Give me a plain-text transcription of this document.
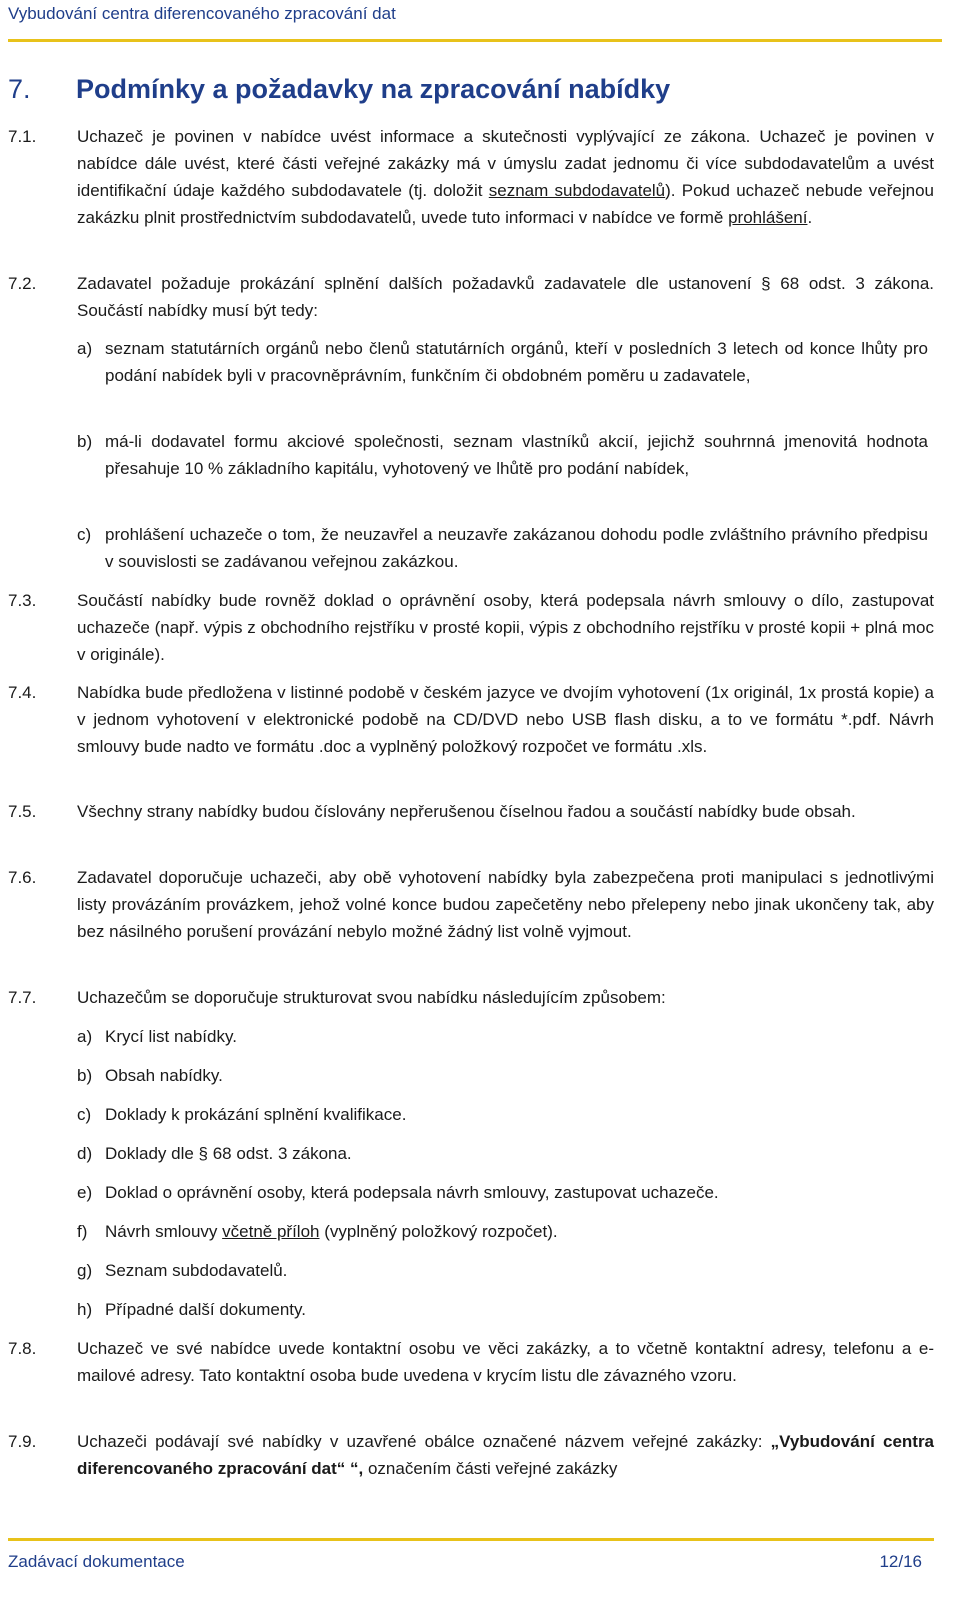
Vybudování centra diferencovaného zpracování dat
7. Podmínky a požadavky na zpracování nabídky
7.1. Uchazeč je povinen v nabídce uvést informace a skutečnosti vyplývající ze zákona. Uchazeč je povinen v nabídce dále uvést, které části veřejné zakázky má v úmyslu zadat jednomu či více subdodavatelům a uvést identifikační údaje každého subdodavatele (tj. doložit seznam subdodavatelů). Pokud uchazeč nebude veřejnou zakázku plnit prostřednictvím subdodavatelů, uvede tuto informaci v nabídce ve formě prohlášení.
7.2. Zadavatel požaduje prokázání splnění dalších požadavků zadavatele dle ustanovení § 68 odst. 3 zákona. Součástí nabídky musí být tedy:
a) seznam statutárních orgánů nebo členů statutárních orgánů, kteří v posledních 3 letech od konce lhůty pro podání nabídek byli v pracovněprávním, funkčním či obdobném poměru u zadavatele,
b) má-li dodavatel formu akciové společnosti, seznam vlastníků akcií, jejichž souhrnná jmenovitá hodnota přesahuje 10 % základního kapitálu, vyhotovený ve lhůtě pro podání nabídek,
c) prohlášení uchazeče o tom, že neuzavřel a neuzavře zakázanou dohodu podle zvláštního právního předpisu v souvislosti se zadávanou veřejnou zakázkou.
7.3. Součástí nabídky bude rovněž doklad o oprávnění osoby, která podepsala návrh smlouvy o dílo, zastupovat uchazeče (např. výpis z obchodního rejstříku v prosté kopii, výpis z obchodního rejstříku v prosté kopii + plná moc v originále).
7.4. Nabídka bude předložena v listinné podobě v českém jazyce ve dvojím vyhotovení (1x originál, 1x prostá kopie) a v jednom vyhotovení v elektronické podobě na CD/DVD nebo USB flash disku, a to ve formátu *.pdf. Návrh smlouvy bude nadto ve formátu .doc a vyplněný položkový rozpočet ve formátu .xls.
7.5. Všechny strany nabídky budou číslovány nepřerušenou číselnou řadou a součástí nabídky bude obsah.
7.6. Zadavatel doporučuje uchazeči, aby obě vyhotovení nabídky byla zabezpečena proti manipulaci s jednotlivými listy provázáním provázkem, jehož volné konce budou zapečetěny nebo přelepeny nebo jinak ukončeny tak, aby bez násilného porušení provázání nebylo možné žádný list volně vyjmout.
7.7. Uchazečům se doporučuje strukturovat svou nabídku následujícím způsobem:
a) Krycí list nabídky.
b) Obsah nabídky.
c) Doklady k prokázání splnění kvalifikace.
d) Doklady dle § 68 odst. 3 zákona.
e) Doklad o oprávnění osoby, která podepsala návrh smlouvy, zastupovat uchazeče.
f) Návrh smlouvy včetně příloh (vyplněný položkový rozpočet).
g) Seznam subdodavatelů.
h) Případné další dokumenty.
7.8. Uchazeč ve své nabídce uvede kontaktní osobu ve věci zakázky, a to včetně kontaktní adresy, telefonu a e-mailové adresy. Tato kontaktní osoba bude uvedena v krycím listu dle závazného vzoru.
7.9. Uchazeči podávají své nabídky v uzavřené obálce označené názvem veřejné zakázky: „Vybudování centra diferencovaného zpracování dat“ “, označením části veřejné zakázky
Zadávací dokumentace	12/16
